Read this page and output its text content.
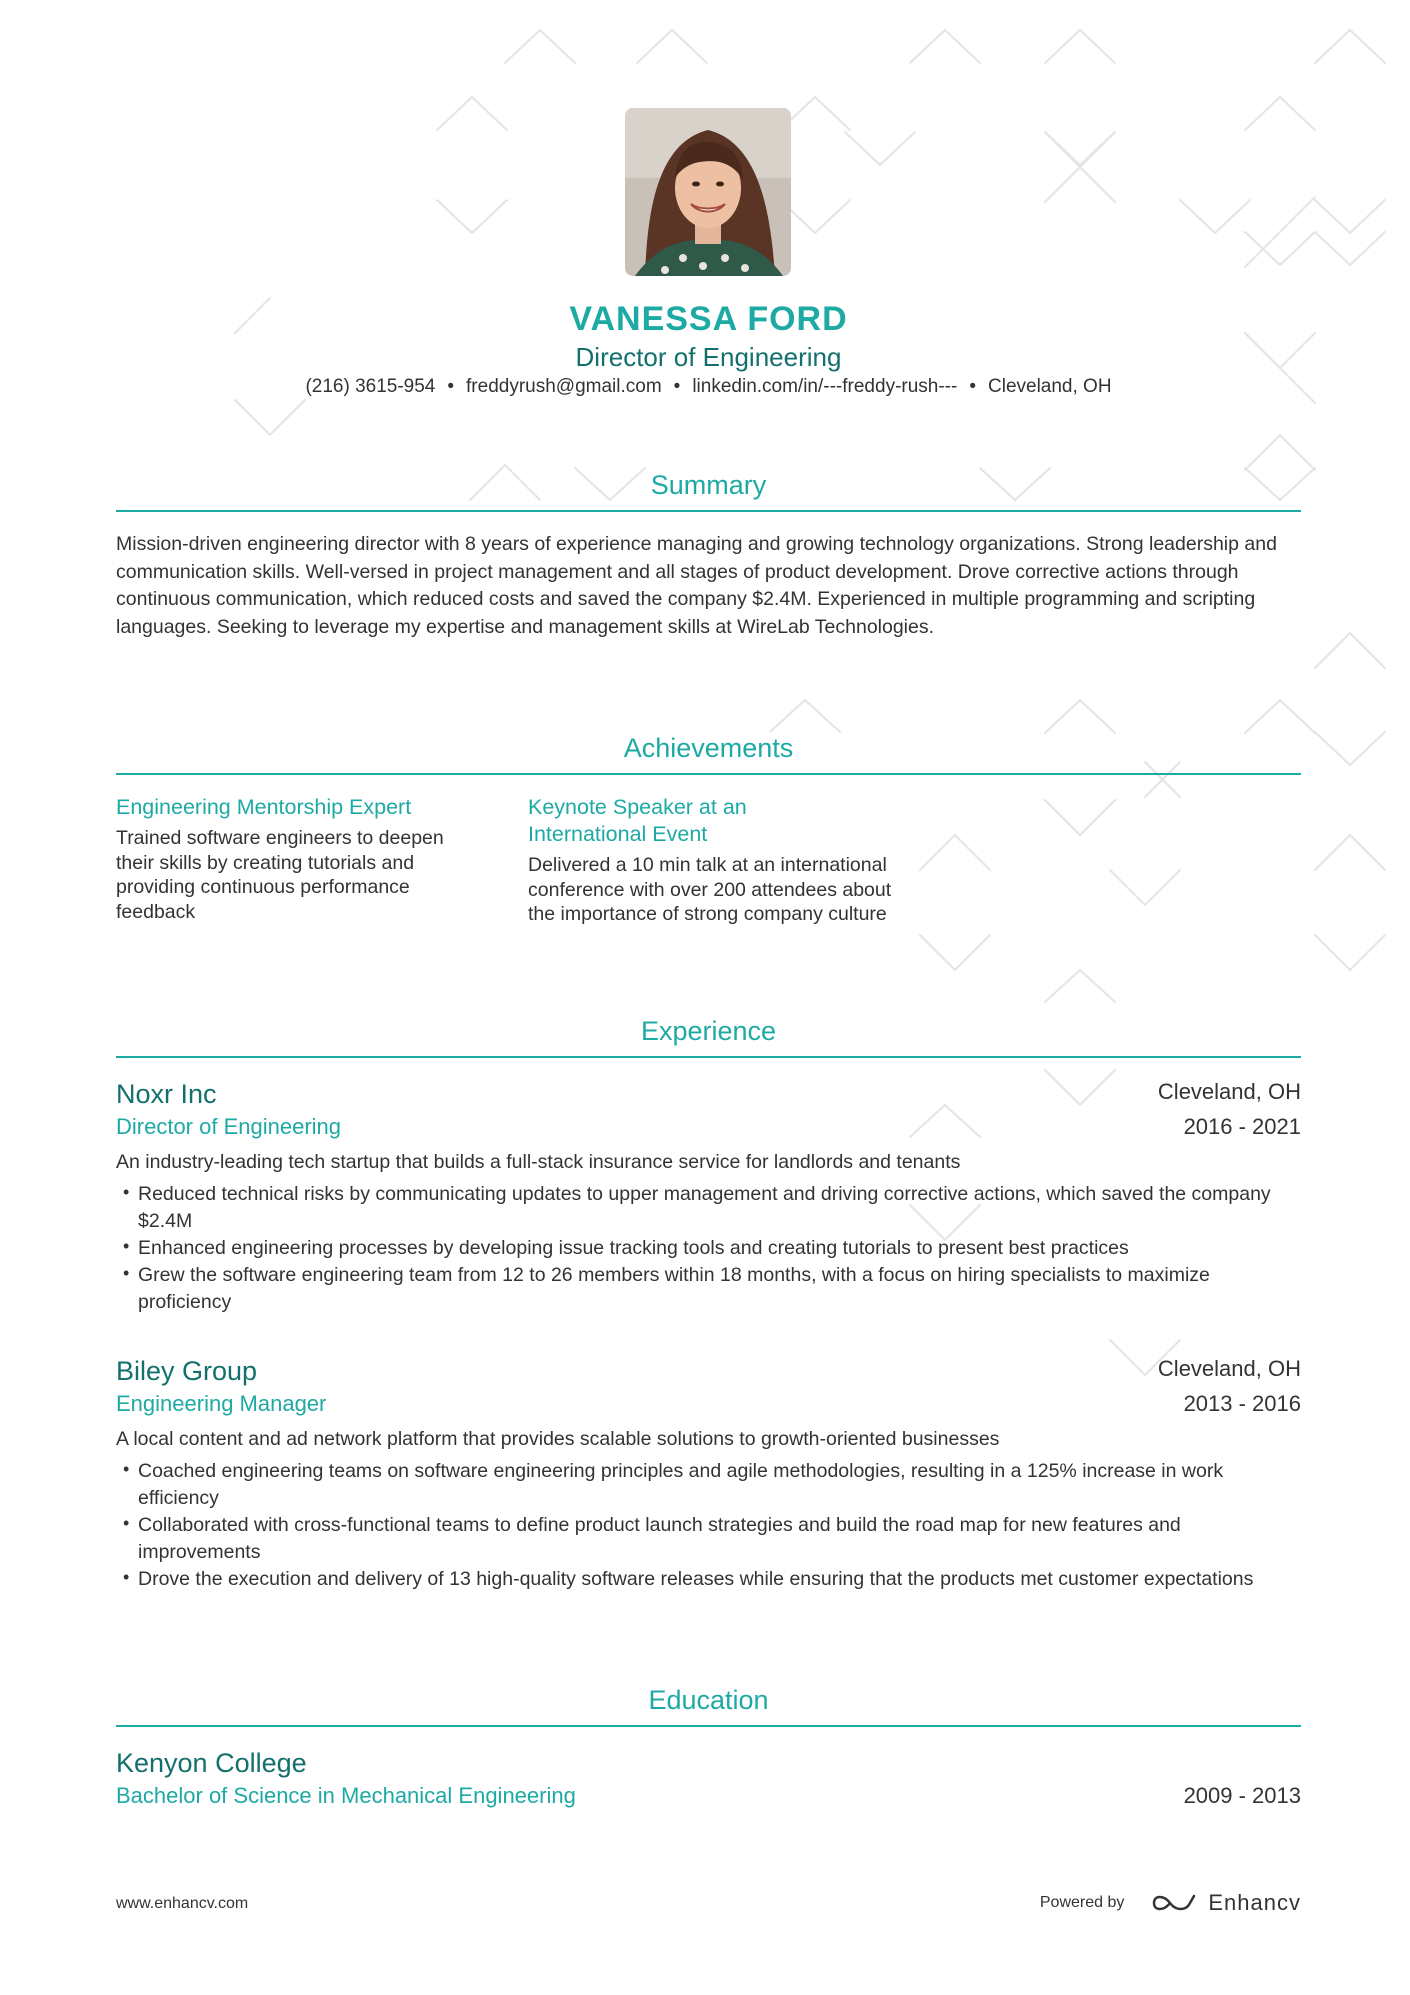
VANESSA FORD
Director of Engineering
(216) 3615-954 • freddyrush@gmail.com • linkedin.com/in/---freddy-rush--- • Cleveland, OH
Summary
Mission-driven engineering director with 8 years of experience managing and growing technology organizations. Strong leadership and communication skills. Well-versed in project management and all stages of product development. Drove corrective actions through continuous communication, which reduced costs and saved the company $2.4M. Experienced in multiple programming and scripting languages. Seeking to leverage my expertise and management skills at WireLab Technologies.
Achievements
Engineering Mentorship Expert
Trained software engineers to deepen their skills by creating tutorials and providing continuous performance feedback
Keynote Speaker at an International Event
Delivered a 10 min talk at an international conference with over 200 attendees about the importance of strong company culture
Experience
Noxr Inc	Cleveland, OH
Director of Engineering	2016 - 2021
An industry-leading tech startup that builds a full-stack insurance service for landlords and tenants
• Reduced technical risks by communicating updates to upper management and driving corrective actions, which saved the company $2.4M
• Enhanced engineering processes by developing issue tracking tools and creating tutorials to present best practices
• Grew the software engineering team from 12 to 26 members within 18 months, with a focus on hiring specialists to maximize proficiency
Biley Group	Cleveland, OH
Engineering Manager	2013 - 2016
A local content and ad network platform that provides scalable solutions to growth-oriented businesses
• Coached engineering teams on software engineering principles and agile methodologies, resulting in a 125% increase in work efficiency
• Collaborated with cross-functional teams to define product launch strategies and build the road map for new features and improvements
• Drove the execution and delivery of 13 high-quality software releases while ensuring that the products met customer expectations
Education
Kenyon College
Bachelor of Science in Mechanical Engineering	2009 - 2013
www.enhancv.com	Powered by	Enhancv
